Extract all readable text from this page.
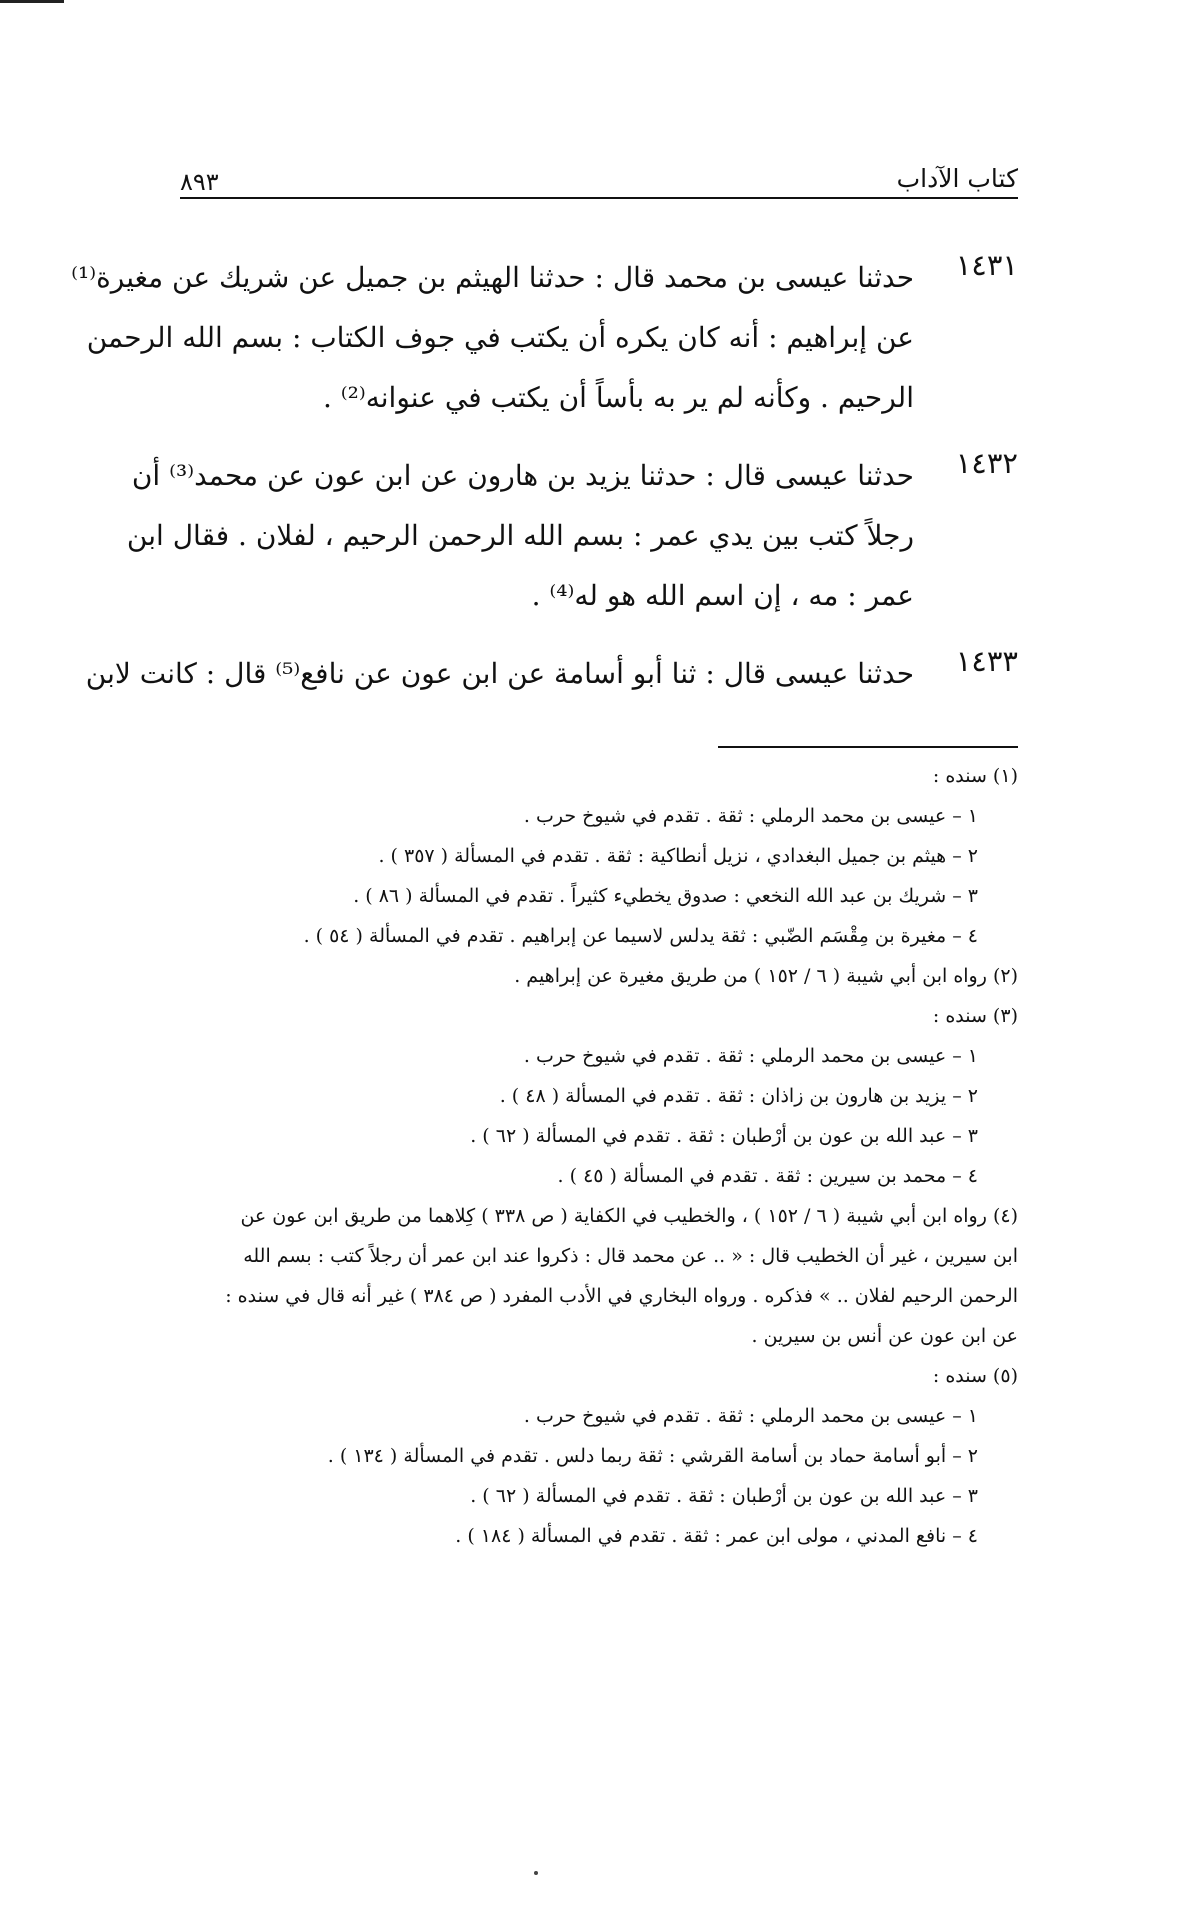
كتاب الآداب
٨٩٣
١٤٣١
حدثنا عيسى بن محمد قال : حدثنا الهيثم بن جميل عن شريك عن مغيرة⁽¹⁾
عن إبراهيم : أنه كان يكره أن يكتب في جوف الكتاب : بسم الله الرحمن
الرحيم . وكأنه لم ير به بأساً أن يكتب في عنوانه⁽²⁾ .
١٤٣٢
حدثنا عيسى قال : حدثنا يزيد بن هارون عن ابن عون عن محمد⁽³⁾ أن
رجلاً كتب بين يدي عمر : بسم الله الرحمن الرحيم ، لفلان . فقال ابن
عمر : مه ، إن اسم الله هو له⁽⁴⁾ .
١٤٣٣
حدثنا عيسى قال : ثنا أبو أسامة عن ابن عون عن نافع⁽⁵⁾ قال : كانت لابن
(١) سنده :
١ – عيسى بن محمد الرملي : ثقة . تقدم في شيوخ حرب .
٢ – هيثم بن جميل البغدادي ، نزيل أنطاكية : ثقة . تقدم في المسألة ( ٣٥٧ ) .
٣ – شريك بن عبد الله النخعي : صدوق يخطيء كثيراً . تقدم في المسألة ( ٨٦ ) .
٤ – مغيرة بن مِقْسَم الضّبي : ثقة يدلس لاسيما عن إبراهيم . تقدم في المسألة ( ٥٤ ) .
(٢) رواه ابن أبي شيبة ( ٦ / ١٥٢ ) من طريق مغيرة عن إبراهيم .
(٣) سنده :
١ – عيسى بن محمد الرملي : ثقة . تقدم في شيوخ حرب .
٢ – يزيد بن هارون بن زاذان : ثقة . تقدم في المسألة ( ٤٨ ) .
٣ – عبد الله بن عون بن أرْطبان : ثقة . تقدم في المسألة ( ٦٢ ) .
٤ – محمد بن سيرين : ثقة . تقدم في المسألة ( ٤٥ ) .
(٤) رواه ابن أبي شيبة ( ٦ / ١٥٢ ) ، والخطيب في الكفاية ( ص ٣٣٨ ) كِلاهما من طريق ابن عون عن
ابن سيرين ، غير أن الخطيب قال : « .. عن محمد قال : ذكروا عند ابن عمر أن رجلاً كتب : بسم الله
الرحمن الرحيم لفلان .. » فذكره . ورواه البخاري في الأدب المفرد ( ص ٣٨٤ ) غير أنه قال في سنده :
عن ابن عون عن أنس بن سيرين .
(٥) سنده :
١ – عيسى بن محمد الرملي : ثقة . تقدم في شيوخ حرب .
٢ – أبو أسامة حماد بن أسامة القرشي : ثقة ربما دلس . تقدم في المسألة ( ١٣٤ ) .
٣ – عبد الله بن عون بن أرْطبان : ثقة . تقدم في المسألة ( ٦٢ ) .
٤ – نافع المدني ، مولى ابن عمر : ثقة . تقدم في المسألة ( ١٨٤ ) .
